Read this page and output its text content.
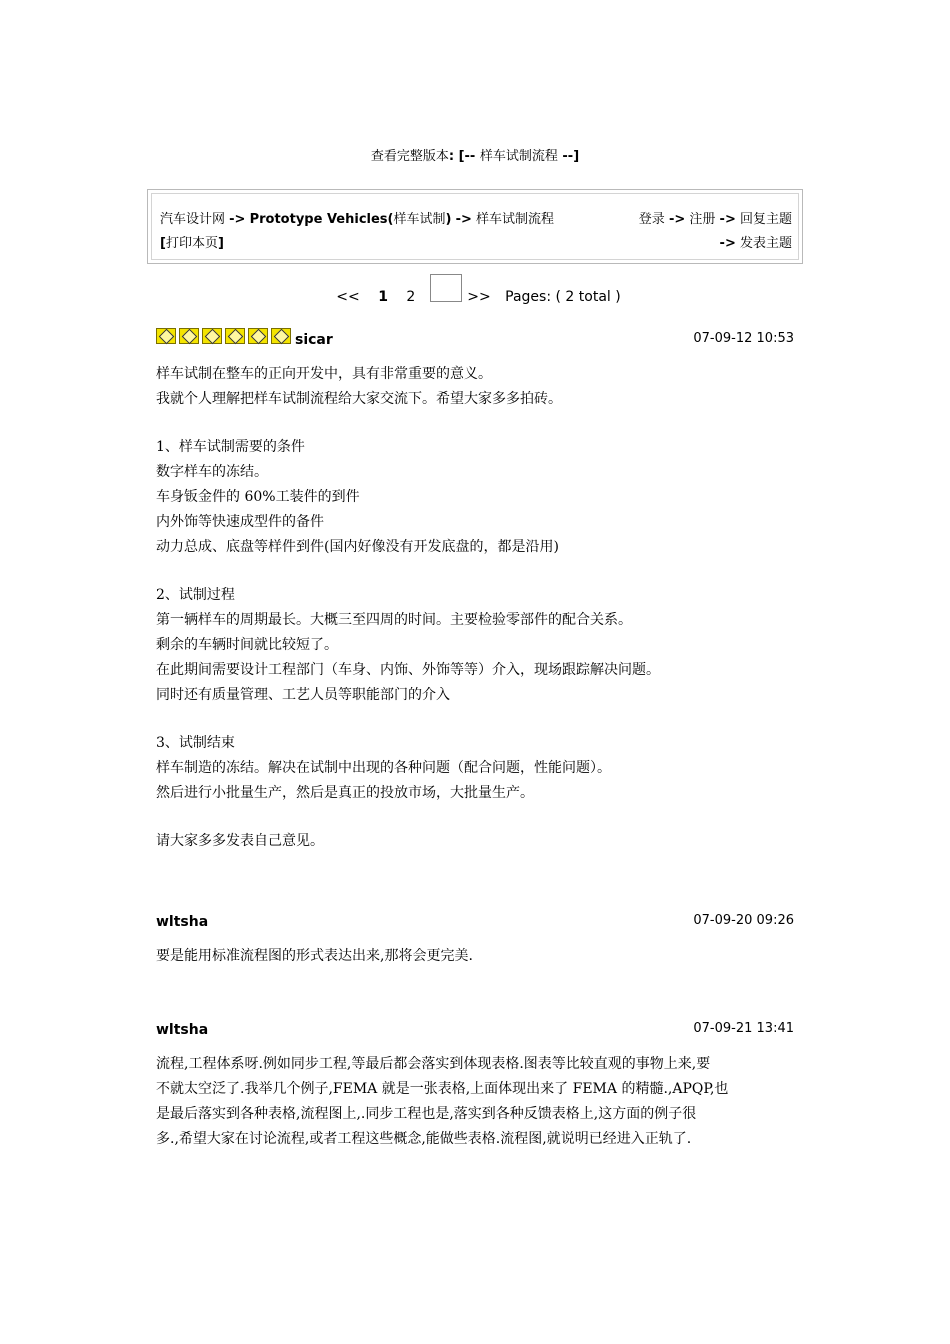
查看完整版本: [-- 样车试制流程 --]
汽车设计网 -> Prototype Vehicles(样车试制) -> 样车试制流程 [打印本页]
登录 -> 注册 -> 回复主题
-> 发表主题
<< 1 2	>> Pages: ( 2 total )
sicar	07-09-12 10:53

样车试制在整车的正向开发中，具有非常重要的意义。

我就个人理解把样车试制流程给大家交流下。希望大家多多拍砖。

1、样车试制需要的条件

数字样车的冻结。

车身钣金件的 60%工装件的到件

内外饰等快速成型件的备件

动力总成、底盘等样件到件(国内好像没有开发底盘的，都是沿用)

2、试制过程

第一辆样车的周期最长。大概三至四周的时间。主要检验零部件的配合关系。

剩余的车辆时间就比较短了。

在此期间需要设计工程部门（车身、内饰、外饰等等）介入，现场跟踪解决问题。

同时还有质量管理、工艺人员等职能部门的介入

3、试制结束

样车制造的冻结。解决在试制中出现的各种问题（配合问题，性能问题）。

然后进行小批量生产，然后是真正的投放市场，大批量生产。

请大家多多发表自己意见。

wltsha	07-09-20 09:26

要是能用标准流程图的形式表达出来,那将会更完美.

wltsha	07-09-21 13:41

流程,工程体系呀.例如同步工程,等最后都会落实到体现表格.图表等比较直观的事物上来,要

不就太空泛了.我举几个例子,FEMA 就是一张表格,上面体现出来了 FEMA 的精髓.,APQP,也

是最后落实到各种表格,流程图上,.同步工程也是,落实到各种反馈表格上,这方面的例子很

多.,希望大家在讨论流程,或者工程这些概念,能做些表格.流程图,就说明已经进入正轨了.
